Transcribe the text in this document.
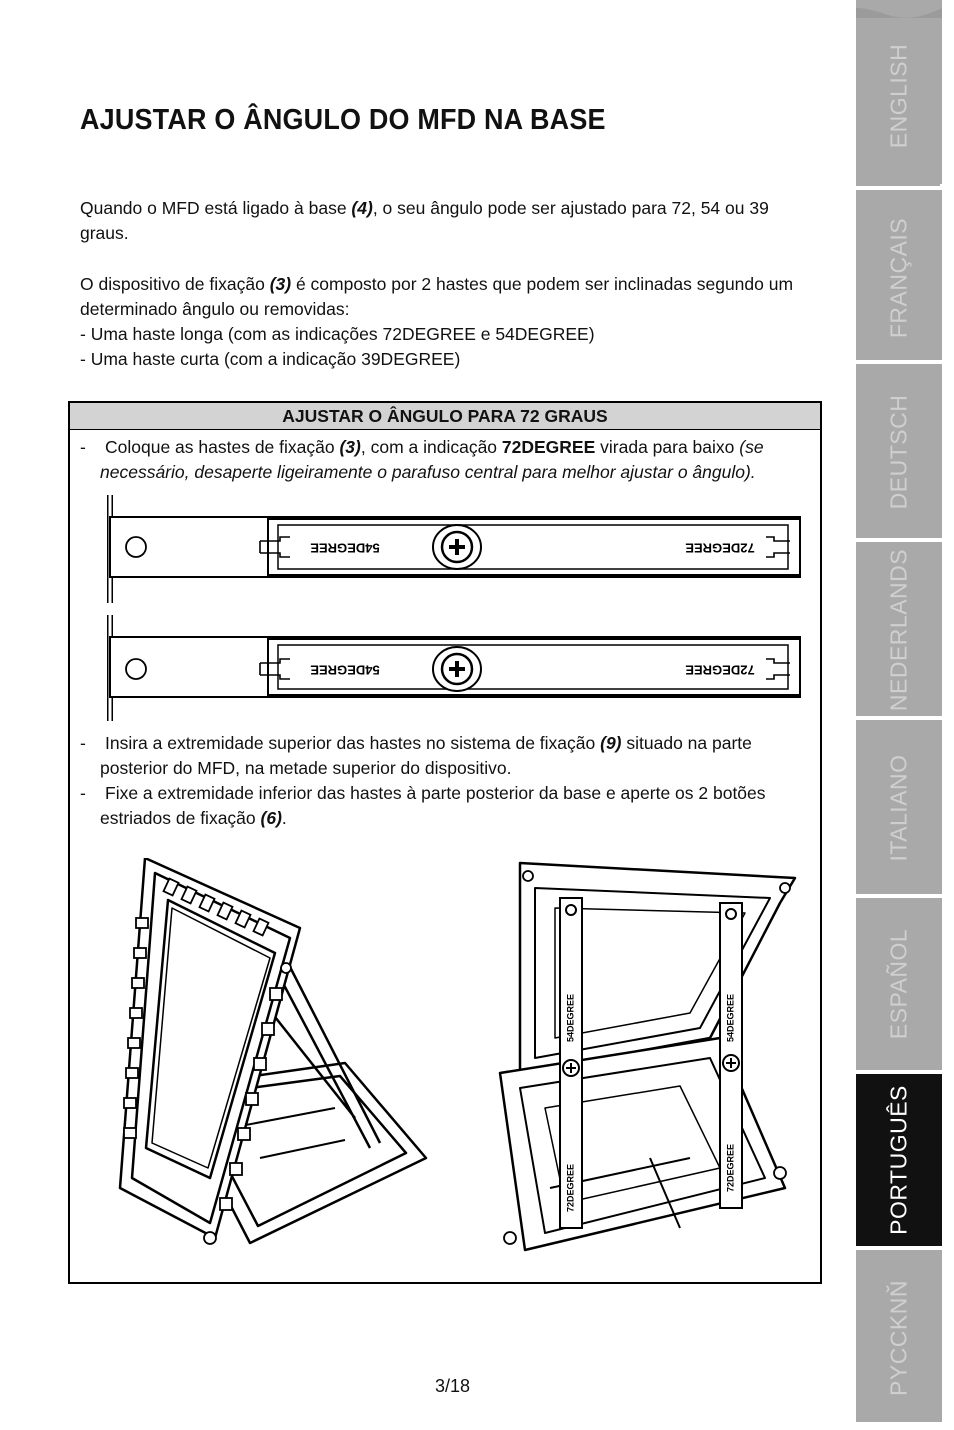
AJUSTAR O ÂNGULO DO MFD NA BASE
Quando o MFD está ligado à base (4), o seu ângulo pode ser ajustado para 72, 54 ou 39
graus.
O dispositivo de fixação (3) é composto por 2 hastes que podem ser inclinadas segundo um
determinado ângulo ou removidas:
- Uma haste longa (com as indicações 72DEGREE e 54DEGREE)
- Uma haste curta (com a indicação 39DEGREE)
AJUSTAR O ÂNGULO PARA 72 GRAUS
- Coloque as hastes de fixação (3), com a indicação 72DEGREE virada para baixo (se
necessário, desaperte ligeiramente o parafuso central para melhor ajustar o ângulo).
54DEGREE	72DEGREE
54DEGREE	72DEGREE
- Insira a extremidade superior das hastes no sistema de fixação (9) situado na parte
posterior do MFD, na metade superior do dispositivo.
- Fixe a extremidade inferior das hastes à parte posterior da base e aperte os 2 botões
estriados de fixação (6).
54DEGREE	54DEGREE
72DEGREE	72DEGREE
ENGLISH
FRANÇAIS
DEUTSCH
NEDERLANDS
ITALIANO
ESPAÑOL
PORTUGUÊS
PYCCKNŇ
3/18
